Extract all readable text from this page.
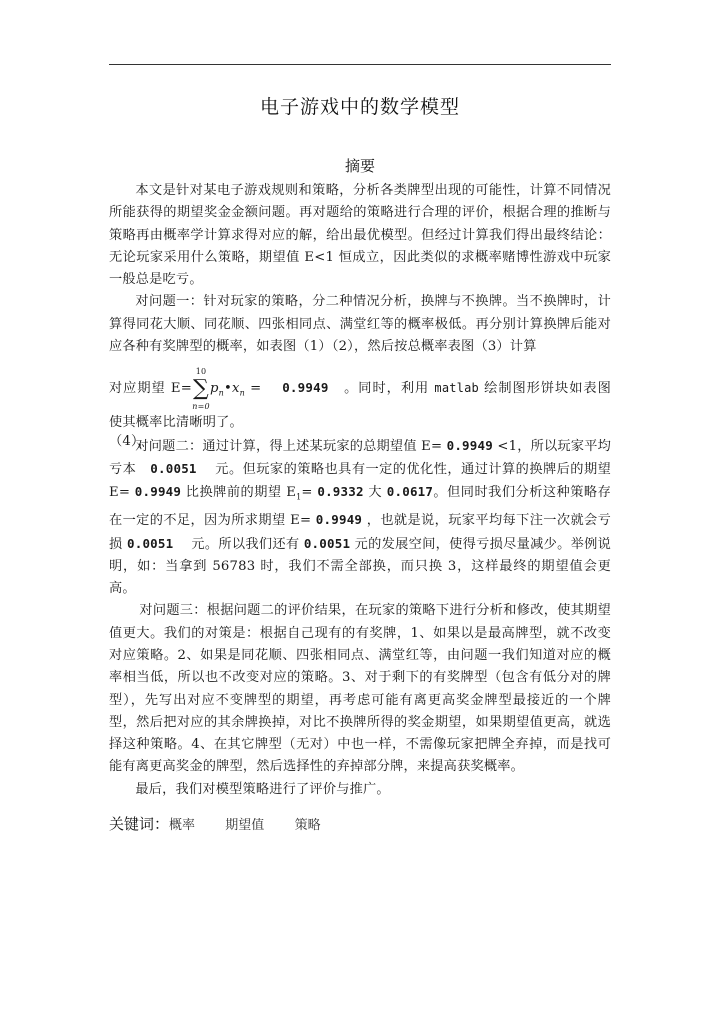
电子游戏中的数学模型
摘要

本文是针对某电子游戏规则和策略，分析各类牌型出现的可能性，计算不同情况所能获得的期望奖金金额问题。再对题给的策略进行合理的评价，根据合理的推断与策略再由概率学计算求得对应的解，给出最优模型。但经过计算我们得出最终结论：无论玩家采用什么策略，期望值 E<1 恒成立，因此类似的求概率赌博性游戏中玩家一般总是吃亏。

对问题一：针对玩家的策略，分二种情况分析，换牌与不换牌。当不换牌时，计算得同花大顺、同花顺、四张相同点、满堂红等的概率极低。再分别计算换牌后能对应各种有奖牌型的概率，如表图（1）（2），然后按总概率表图（3）计算

对应期望 E=
10
∑
n=0
$p_n•x_n$ =    0.9949 。同时，利用 matlab 绘制图形饼块如表图（4），
使其概率比清晰明了。

对问题二：通过计算，得上述某玩家的总期望值 E= 0.9949 <1，所以玩家平均亏本   0.0051    元。但玩家的策略也具有一定的优化性，通过计算的换牌后的期望 E= 0.9949 比换牌前的期望 $E_1= 0.9332$ 大 0.0617。但同时我们分析这种策略存在一定的不足，因为所求期望 E= 0.9949 ，也就是说，玩家平均每下注一次就会亏损 0.0051    元。所以我们还有 0.0051 元的发展空间，使得亏损尽量减少。举例说明，如：当拿到 56783 时，我们不需全部换，而只换 3，这样最终的期望值会更高。

对问题三：根据问题二的评价结果，在玩家的策略下进行分析和修改，使其期望值更大。我们的对策是：根据自己现有的有奖牌，1、如果以是最高牌型，就不改变对应策略。2、如果是同花顺、四张相同点、满堂红等，由问题一我们知道对应的概率相当低，所以也不改变对应的策略。3、对于剩下的有奖牌型（包含有低分对的牌型），先写出对应不变牌型的期望，再考虑可能有离更高奖金牌型最接近的一个牌型，然后把对应的其余牌换掉，对比不换牌所得的奖金期望，如果期望值更高，就选择这种策略。4、在其它牌型（无对）中也一样，不需像玩家把牌全弃掉，而是找可能有离更高奖金的牌型，然后选择性的弃掉部分牌，来提高获奖概率。

最后，我们对模型策略进行了评价与推广。

关键词：概率 期望值 策略
